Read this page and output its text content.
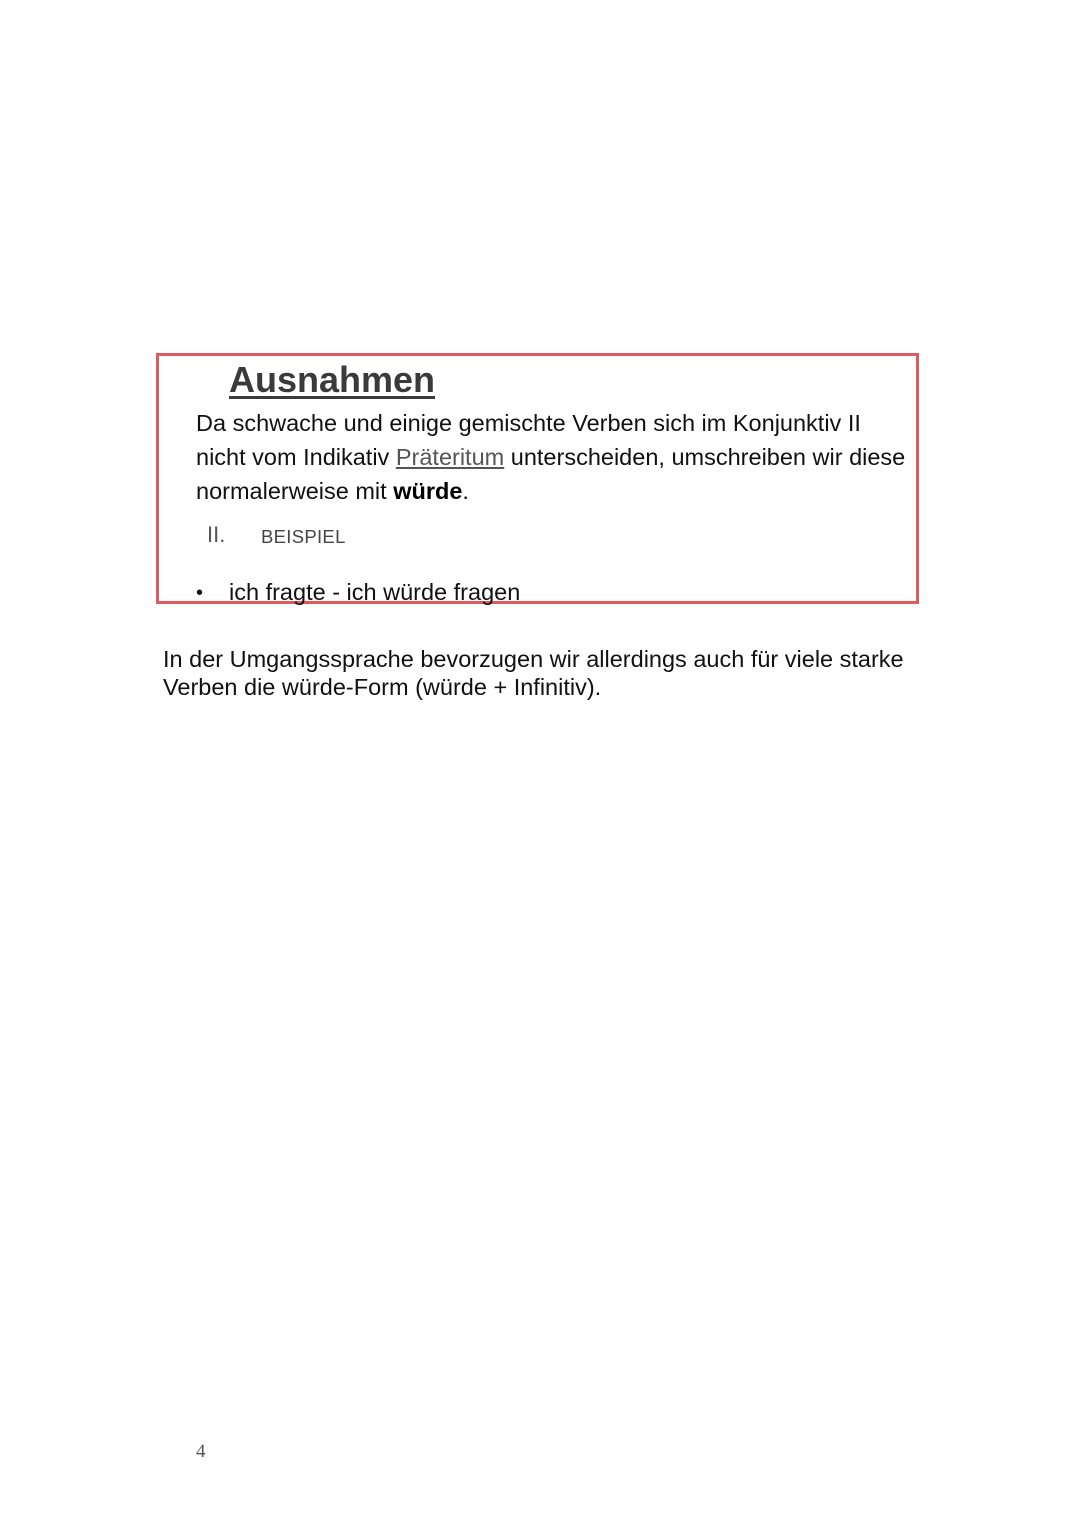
Ausnahmen
Da schwache und einige gemischte Verben sich im Konjunktiv II nicht vom Indikativ Präteritum unterscheiden, umschreiben wir diese normalerweise mit würde.
II. BEISPIEL
• ich fragte - ich würde fragen
In der Umgangssprache bevorzugen wir allerdings auch für viele starke Verben die würde-Form (würde + Infinitiv).
4
